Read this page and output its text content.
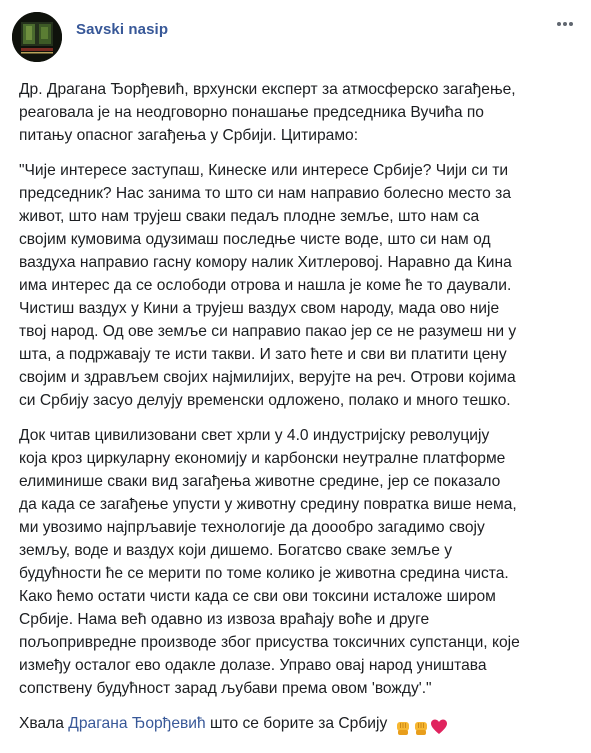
Savski nasip

Др. Драгана Ђорђевић, врхунски експерт за атмосферско загађење,
реаговала је на неодговорно понашање председника Вучића по
питању опасног загађења у Србији. Цитирамо:

"Чије интересе заступаш, Кинеске или интересе Србије? Чији си ти
председник? Нас занима то што си нам направио болесно место за
живот, што нам трујеш сваки педаљ плодне земље, што нам са
својим кумовима одузимаш последње чисте воде, што си нам од
ваздуха направио гасну комору налик Хитлеровој. Наравно да Кина
има интерес да се ослободи отрова и нашла је коме ће то даували.
Чистиш ваздух у Кини а трујеш ваздух свом народу, мада ово није
твој народ. Од ове земље си направио пакао јер се не разумеш ни у
шта, а подржавају те исти такви. И зато ћете и сви ви платити цену
својим и здрављем својих најмилијих, верујте на реч. Отрови којима
си Србију засуо делују временски одложено, полако и много тешко.

Док читав цивилизовани свет хрли у 4.0 индустријску револуцију
која кроз циркуларну економију и карбонски неутралне платформе
елиминише сваки вид загађења животне средине, јер се показало
да када се загађење упусти у животну средину повратка више нема,
ми увозимо најпрљавије технологије да дooобро загадимо своју
земљу, воде и ваздух који дишемо. Богатсво сваке земље у
будућности ће се мерити по томе колико је животна средина чиста.
Како ћемо остати чисти када се сви ови токсини исталоже широм
Србије. Нама већ одавно из извоза враћају воће и друге
пољопривредне производе због присуства токсичних супстанци, које
између осталог ево одакле долазе. Управо овај народ уништава
сопствену будућност зарад љубави према овом 'вожду'."

Хвала Драгана Ђорђевић што се борите за Србију
